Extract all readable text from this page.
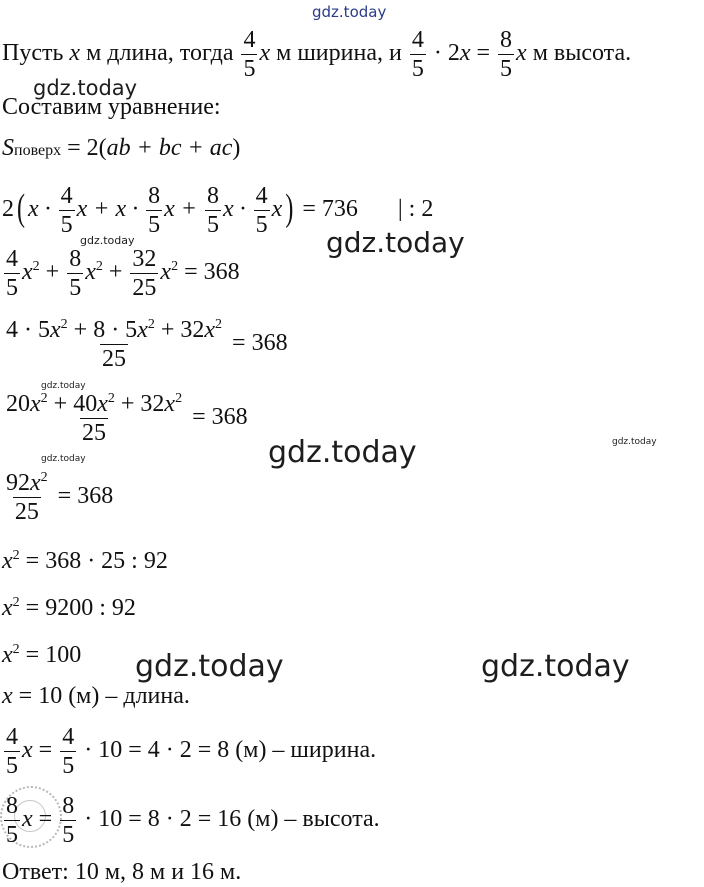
gdz.today
gdz.today
gdz.today
gdz.today
gdz.today
gdz.today	gdz.today	gdz.today
gdz.today	gdz.today
Пусть x м длина, тогда $\frac{4}{5}$ x м ширина, и $\frac{4}{5} \cdot 2x = \frac{8}{5}$ x м высота.
Составим уравнение:
Sповерх = 2(ab + bc + ac)
2 ( $x \cdot \frac{4}{5}$ $x + x \cdot \frac{8}{5}$ $x + \frac{8}{5}$ $x \cdot \frac{4}{5}$ x ) = 736 | : 2
$\frac{4}{5} x^2 + \frac{8}{5} x^2 + \frac{32}{25} x^2 = 368$
$\frac{4 \cdot 5x^2 + 8 \cdot 5x^2 + 32x^2}{25} = 368$
$\frac{20x^2 + 40x^2 + 32x^2}{25} = 368$
$\frac{92x^2}{25} = 368$
$x^2 = 368 \cdot 25$ : 92
$x^2 = 9200$ : 92
$x^2 = 100$
x = 10 (м) – длина.
$\frac{4}{5}$ $x = \frac{4}{5} \cdot 10 = 4 \cdot 2 = 8$ (м) – ширина.
$\frac{8}{5}$ $x = \frac{8}{5} \cdot 10 = 8 \cdot 2 = 16$ (м) – высота.
Ответ: 10 м, 8 м и 16 м.
